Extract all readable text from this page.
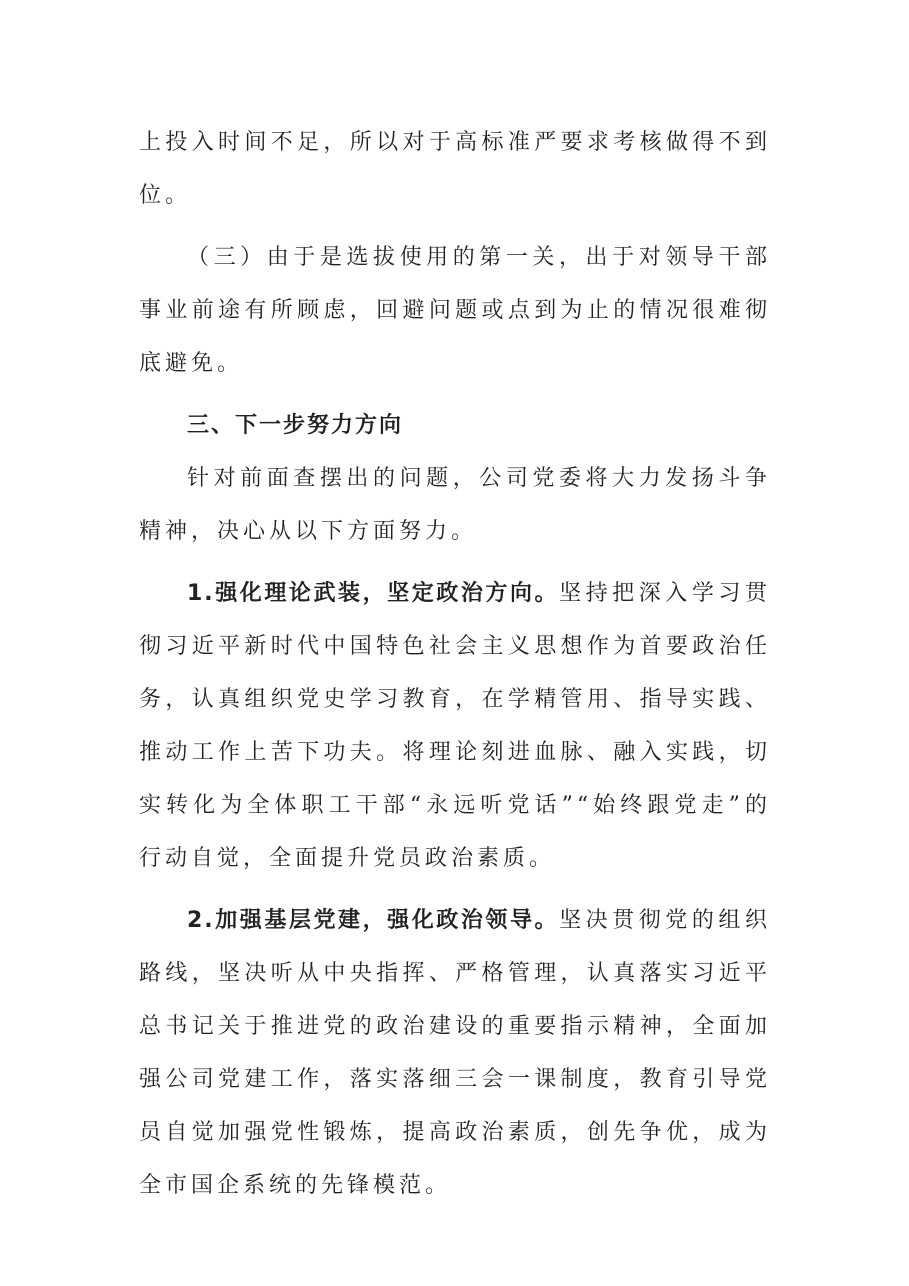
上投入时间不足，所以对于高标准严要求考核做得不到位。

（三）由于是选拔使用的第一关，出于对领导干部事业前途有所顾虑，回避问题或点到为止的情况很难彻底避免。

三、下一步努力方向

针对前面查摆出的问题，公司党委将大力发扬斗争精神，决心从以下方面努力。

1.强化理论武装，坚定政治方向。坚持把深入学习贯彻习近平新时代中国特色社会主义思想作为首要政治任务，认真组织党史学习教育，在学精管用、指导实践、推动工作上苦下功夫。将理论刻进血脉、融入实践，切实转化为全体职工干部“永远听党话”“始终跟党走”的行动自觉，全面提升党员政治素质。

2.加强基层党建，强化政治领导。坚决贯彻党的组织路线，坚决听从中央指挥、严格管理，认真落实习近平总书记关于推进党的政治建设的重要指示精神，全面加强公司党建工作，落实落细三会一课制度，教育引导党员自觉加强党性锻炼，提高政治素质，创先争优，成为全市国企系统的先锋模范。
